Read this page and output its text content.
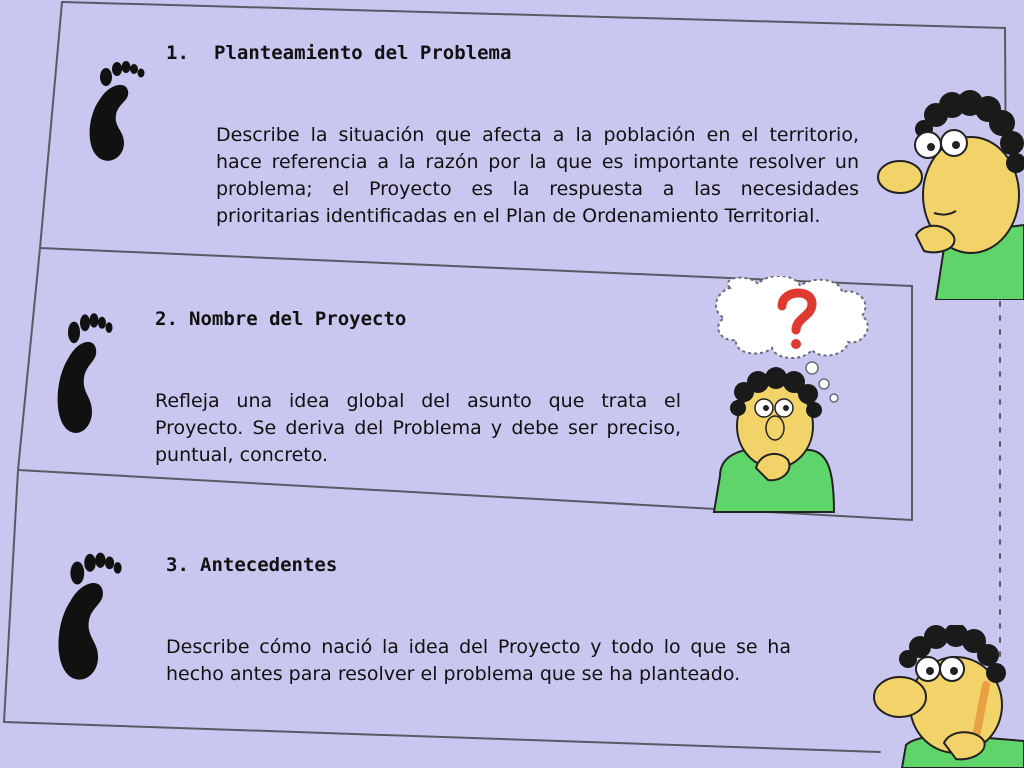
1. Planteamiento del Problema

Describe la situación que afecta a la población en el territorio, hace referencia a la razón por la que es importante resolver un problema; el Proyecto es la respuesta a las necesidades prioritarias identificadas en el Plan de Ordenamiento Territorial.

2. Nombre del Proyecto

Refleja una idea global del asunto que trata el Proyecto. Se deriva del Problema y debe ser preciso, puntual, concreto.

3. Antecedentes

Describe cómo nació la idea del Proyecto y todo lo que se ha hecho antes para resolver el problema que se ha planteado.
